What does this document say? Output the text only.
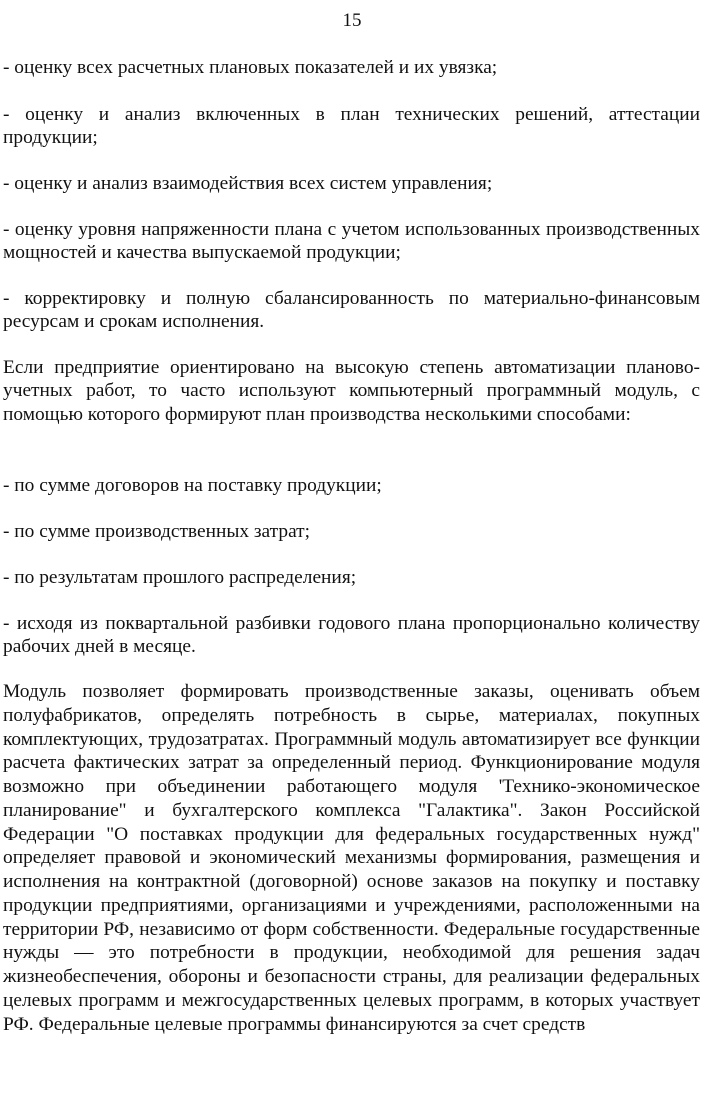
15

- оценку всех расчетных плановых показателей и их увязка;

- оценку и анализ включенных в план технических решений, аттестации продукции;

- оценку и анализ взаимодействия всех систем управления;

- оценку уровня напряженности плана с учетом использованных производственных мощностей и качества выпускаемой продукции;

- корректировку и полную сбалансированность по материально-финансовым ресурсам и срокам исполнения.

Если предприятие ориентировано на высокую степень автоматизации планово-учетных работ, то часто используют компьютерный программный модуль, с помощью которого формируют план производства несколькими способами:

- по сумме договоров на поставку продукции;

- по сумме производственных затрат;

- по результатам прошлого распределения;

- исходя из поквартальной разбивки годового плана пропорционально количеству рабочих дней в месяце.

Модуль позволяет формировать производственные заказы, оценивать объем полуфабрикатов, определять потребность в сырье, материалах, покупных комплектующих, трудозатратах. Программный модуль автоматизирует все функции расчета фактических затрат за определенный период. Функционирование модуля возможно при объединении работающего модуля 'Технико-экономическое планирование" и бухгалтерского комплекса "Галактика". Закон Российской Федерации "О поставках продукции для федеральных государственных нужд" определяет правовой и экономический механизмы формирования, размещения и исполнения на контрактной (договорной) основе заказов на покупку и поставку продукции предприятиями, организациями и учреждениями, расположенными на территории РФ, независимо от форм собственности. Федеральные государственные нужды — это потребности в продукции, необходимой для решения задач жизнеобеспечения, обороны и безопасности страны, для реализации федеральных целевых программ и межгосударственных целевых программ, в которых участвует РФ. Федеральные целевые программы финансируются за счет средств
